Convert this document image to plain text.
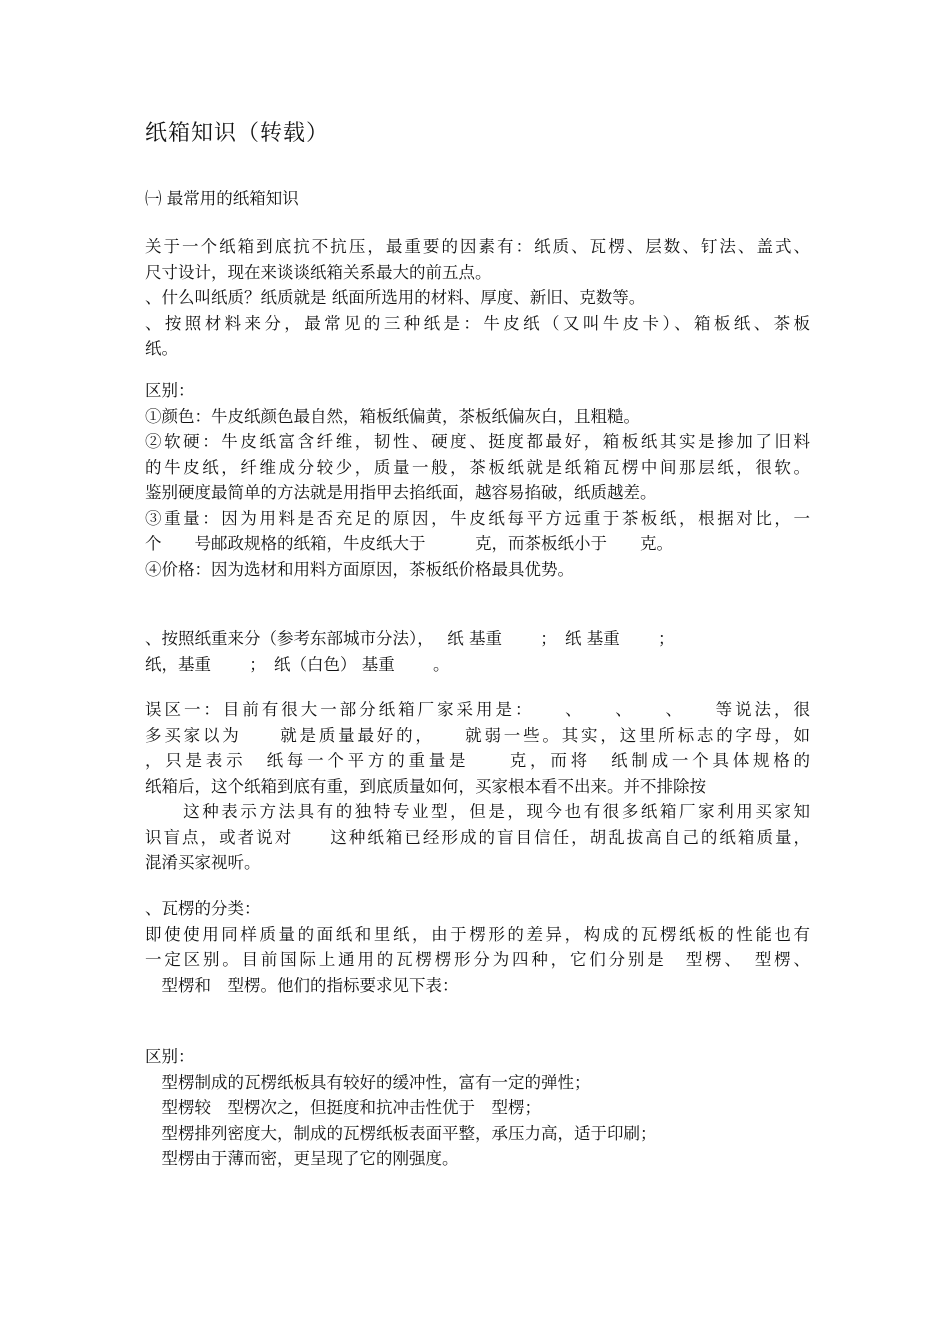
纸箱知识（转载）

㈠ 最常用的纸箱知识

关于一个纸箱到底抗不抗压，最重要的因素有：纸质、瓦楞、层数、钉法、盖式、

尺寸设计，现在来谈谈纸箱关系最大的前五点。

、什么叫纸质？纸质就是 纸面所选用的材料、厚度、新旧、克数等。

、按照材料来分，最常见的三种纸是：牛皮纸（又叫牛皮卡）、箱板纸、茶板

纸。

区别：

①颜色：牛皮纸颜色最自然，箱板纸偏黄，茶板纸偏灰白，且粗糙。

②软硬：牛皮纸富含纤维，韧性、硬度、挺度都最好，箱板纸其实是掺加了旧料

的牛皮纸，纤维成分较少，质量一般，茶板纸就是纸箱瓦楞中间那层纸，很软。

鉴别硬度最简单的方法就是用指甲去掐纸面，越容易掐破，纸质越差。

③重量：因为用料是否充足的原因，牛皮纸每平方远重于茶板纸，根据对比，一

个　　号邮政规格的纸箱，牛皮纸大于　　　克，而茶板纸小于　　克。

④价格：因为选材和用料方面原因，茶板纸价格最具优势。

、按照纸重来分（参考东部城市分法），　 纸 基重　　 ；　纸 基重　　 ；

纸，基重　　 ；　纸（白色） 基重　　 。

误区一：目前有很大一部分纸箱厂家采用是：　　、　　、　　、　　等说法，很

多买家以为　　就是质量最好的，　　就弱一些。其实，这里所标志的字母，如

，只是表示　纸每一个平方的重量是　　克，而将　纸制成一个具体规格的

纸箱后，这个纸箱到底有重，到底质量如何，买家根本看不出来。并不排除按

　　这种表示方法具有的独特专业型，但是，现今也有很多纸箱厂家利用买家知

识盲点，或者说对　　这种纸箱已经形成的盲目信任，胡乱拔高自己的纸箱质量，

混淆买家视听。

、瓦楞的分类：

即使使用同样质量的面纸和里纸，由于楞形的差异，构成的瓦楞纸板的性能也有

一定区别。目前国际上通用的瓦楞楞形分为四种，它们分别是　型楞、　型楞、

　型楞和　型楞。他们的指标要求见下表：

区别：

　型楞制成的瓦楞纸板具有较好的缓冲性，富有一定的弹性；

　型楞较　型楞次之，但挺度和抗冲击性优于　型楞；

　型楞排列密度大，制成的瓦楞纸板表面平整，承压力高，适于印刷；

　型楞由于薄而密，更呈现了它的刚强度。
